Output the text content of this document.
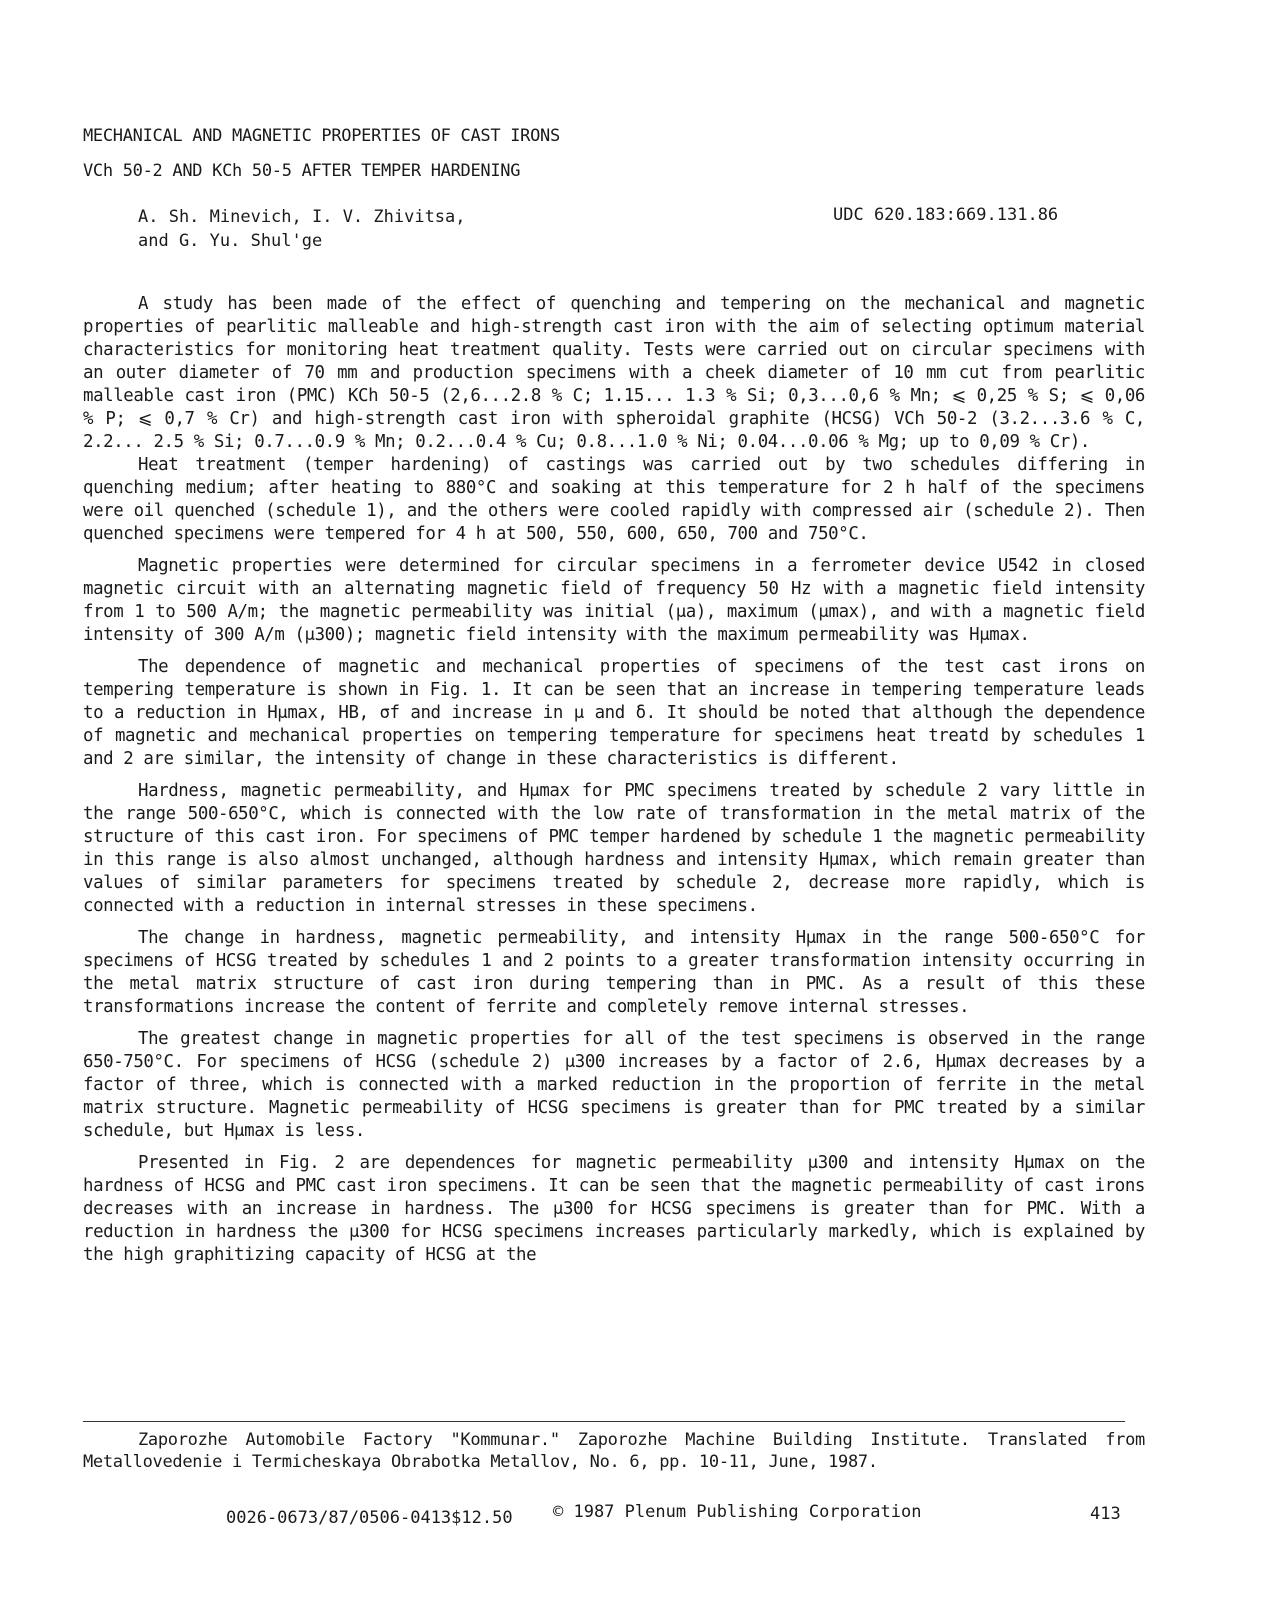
MECHANICAL AND MAGNETIC PROPERTIES OF CAST IRONS
VCh 50-2 AND KCh 50-5 AFTER TEMPER HARDENING
A. Sh. Minevich, I. V. Zhivitsa,
and G. Yu. Shul'ge
UDC 620.183:669.131.86

A study has been made of the effect of quenching and tempering on the mechanical and magnetic properties of pearlitic malleable and high-strength cast iron with the aim of selecting optimum material characteristics for monitoring heat treatment quality. Tests were carried out on circular specimens with an outer diameter of 70 mm and production specimens with a cheek diameter of 10 mm cut from pearlitic malleable cast iron (PMC) KCh 50-5 (2,6...2.8 % C; 1.15... 1.3 % Si; 0,3...0,6 % Mn; ⩽ 0,25 % S; ⩽ 0,06 % P; ⩽ 0,7 % Cr) and high-strength cast iron with spheroidal graphite (HCSG) VCh 50-2 (3.2...3.6 % C, 2.2... 2.5 % Si; 0.7...0.9 % Mn; 0.2...0.4 % Cu; 0.8...1.0 % Ni; 0.04...0.06 % Mg; up to 0,09 % Cr).

Heat treatment (temper hardening) of castings was carried out by two schedules differing in quenching medium; after heating to 880°C and soaking at this temperature for 2 h half of the specimens were oil quenched (schedule 1), and the others were cooled rapidly with compressed air (schedule 2). Then quenched specimens were tempered for 4 h at 500, 550, 600, 650, 700 and 750°C.

Magnetic properties were determined for circular specimens in a ferrometer device U542 in closed magnetic circuit with an alternating magnetic field of frequency 50 Hz with a magnetic field intensity from 1 to 500 A/m; the magnetic permeability was initial (μa), maximum (μmax), and with a magnetic field intensity of 300 A/m (μ300); magnetic field intensity with the maximum permeability was Hμmax.

The dependence of magnetic and mechanical properties of specimens of the test cast irons on tempering temperature is shown in Fig. 1. It can be seen that an increase in tempering temperature leads to a reduction in Hμmax, HB, σf and increase in μ and δ. It should be noted that although the dependence of magnetic and mechanical properties on tempering temperature for specimens heat treatd by schedules 1 and 2 are similar, the intensity of change in these characteristics is different.

Hardness, magnetic permeability, and Hμmax for PMC specimens treated by schedule 2 vary little in the range 500-650°C, which is connected with the low rate of transformation in the metal matrix of the structure of this cast iron. For specimens of PMC temper hardened by schedule 1 the magnetic permeability in this range is also almost unchanged, although hardness and intensity Hμmax, which remain greater than values of similar parameters for specimens treated by schedule 2, decrease more rapidly, which is connected with a reduction in internal stresses in these specimens.

The change in hardness, magnetic permeability, and intensity Hμmax in the range 500-650°C for specimens of HCSG treated by schedules 1 and 2 points to a greater transformation intensity occurring in the metal matrix structure of cast iron during tempering than in PMC. As a result of this these transformations increase the content of ferrite and completely remove internal stresses.

The greatest change in magnetic properties for all of the test specimens is observed in the range 650-750°C. For specimens of HCSG (schedule 2) μ300 increases by a factor of 2.6, Hμmax decreases by a factor of three, which is connected with a marked reduction in the proportion of ferrite in the metal matrix structure. Magnetic permeability of HCSG specimens is greater than for PMC treated by a similar schedule, but Hμmax is less.

Presented in Fig. 2 are dependences for magnetic permeability μ300 and intensity Hμmax on the hardness of HCSG and PMC cast iron specimens. It can be seen that the magnetic permeability of cast irons decreases with an increase in hardness. The μ300 for HCSG specimens is greater than for PMC. With a reduction in hardness the μ300 for HCSG specimens increases particularly markedly, which is explained by the high graphitizing capacity of HCSG at the

Zaporozhe Automobile Factory "Kommunar." Zaporozhe Machine Building Institute. Translated from Metallovedenie i Termicheskaya Obrabotka Metallov, No. 6, pp. 10-11, June, 1987.

0026-0673/87/0506-0413$12.50 © 1987 Plenum Publishing Corporation	413
